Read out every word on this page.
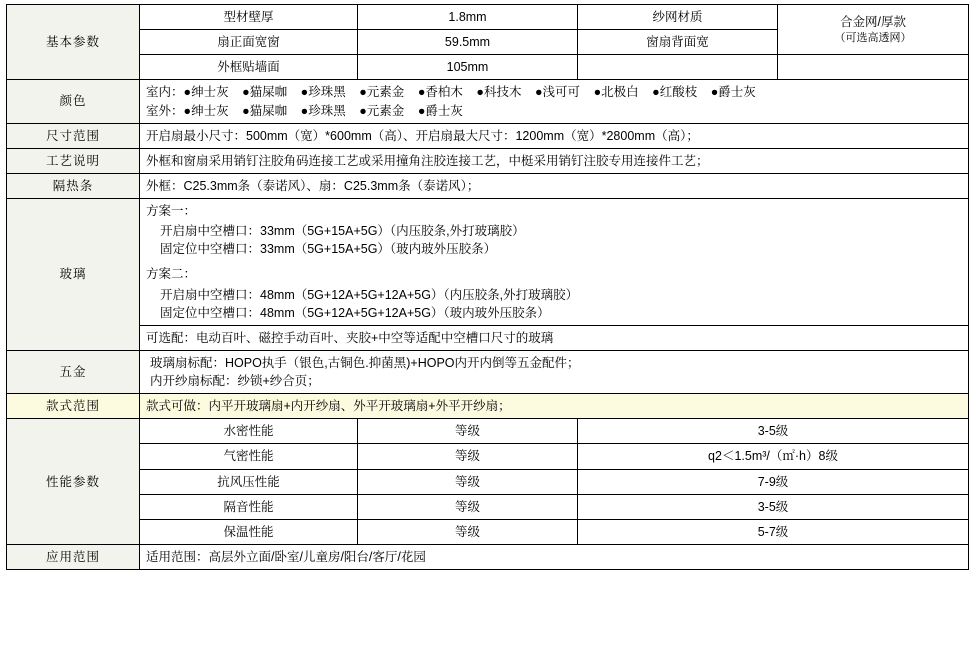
基本参数	型材壁厚	1.8mm	纱网材质	合金网/厚款
（可选高透网）

	扇正面宽窗	59.5mm	窗扇背面宽	
	外框贴墙面	105mm		
颜色	室内：●绅士灰　 ●猫屎咖　 ●珍珠黑　 ●元素金　 ●香柏木　 ●科技木　 ●浅可可　 ●北极白　 ●红酸枝　 ●爵士灰
室外：●绅士灰　 ●猫屎咖　 ●珍珠黑　 ●元素金　 ●爵士灰			

尺寸范围	开启扇最小尺寸：500mm（宽）*600mm（高）、开启扇最大尺寸：1200mm（宽）*2800mm（高）；			
工艺说明	外框和窗扇采用销钉注胶角码连接工艺或采用撞角注胶连接工艺，中梃采用销钉注胶专用连接件工艺；			
隔热条	外框：C25.3mm条（泰诺风）、扇：C25.3mm条（泰诺风）；			
玻璃	
方案一：
开启扇中空槽口：33mm（5G+15A+5G）（内压胶条,外打玻璃胶）
固定位中空槽口：33mm（5G+15A+5G）（玻内玻外压胶条）
方案二：
开启扇中空槽口：48mm（5G+12A+5G+12A+5G）（内压胶条,外打玻璃胶）
固定位中空槽口：48mm（5G+12A+5G+12A+5G）（玻内玻外压胶条）

	可选配：电动百叶、磁控手动百叶、夹胶+中空等适配中空槽口尺寸的玻璃			
五金	玻璃扇标配：HOPO执手（银色,古铜色.抑菌黑)+HOPO内开内倒等五金配件；
内开纱扇标配：纱锁+纱合页；			

款式范围	款式可做：内平开玻璃扇+内开纱扇、外平开玻璃扇+外平开纱扇；			
性能参数	水密性能	等级	3-5级	
	气密性能	等级	q2＜1.5m³/（㎡·h）8级	
	抗风压性能	等级	7-9级	
	隔音性能	等级	3-5级	
	保温性能	等级	5-7级	
应用范围	适用范围：高层外立面/卧室/儿童房/阳台/客厅/花园			
